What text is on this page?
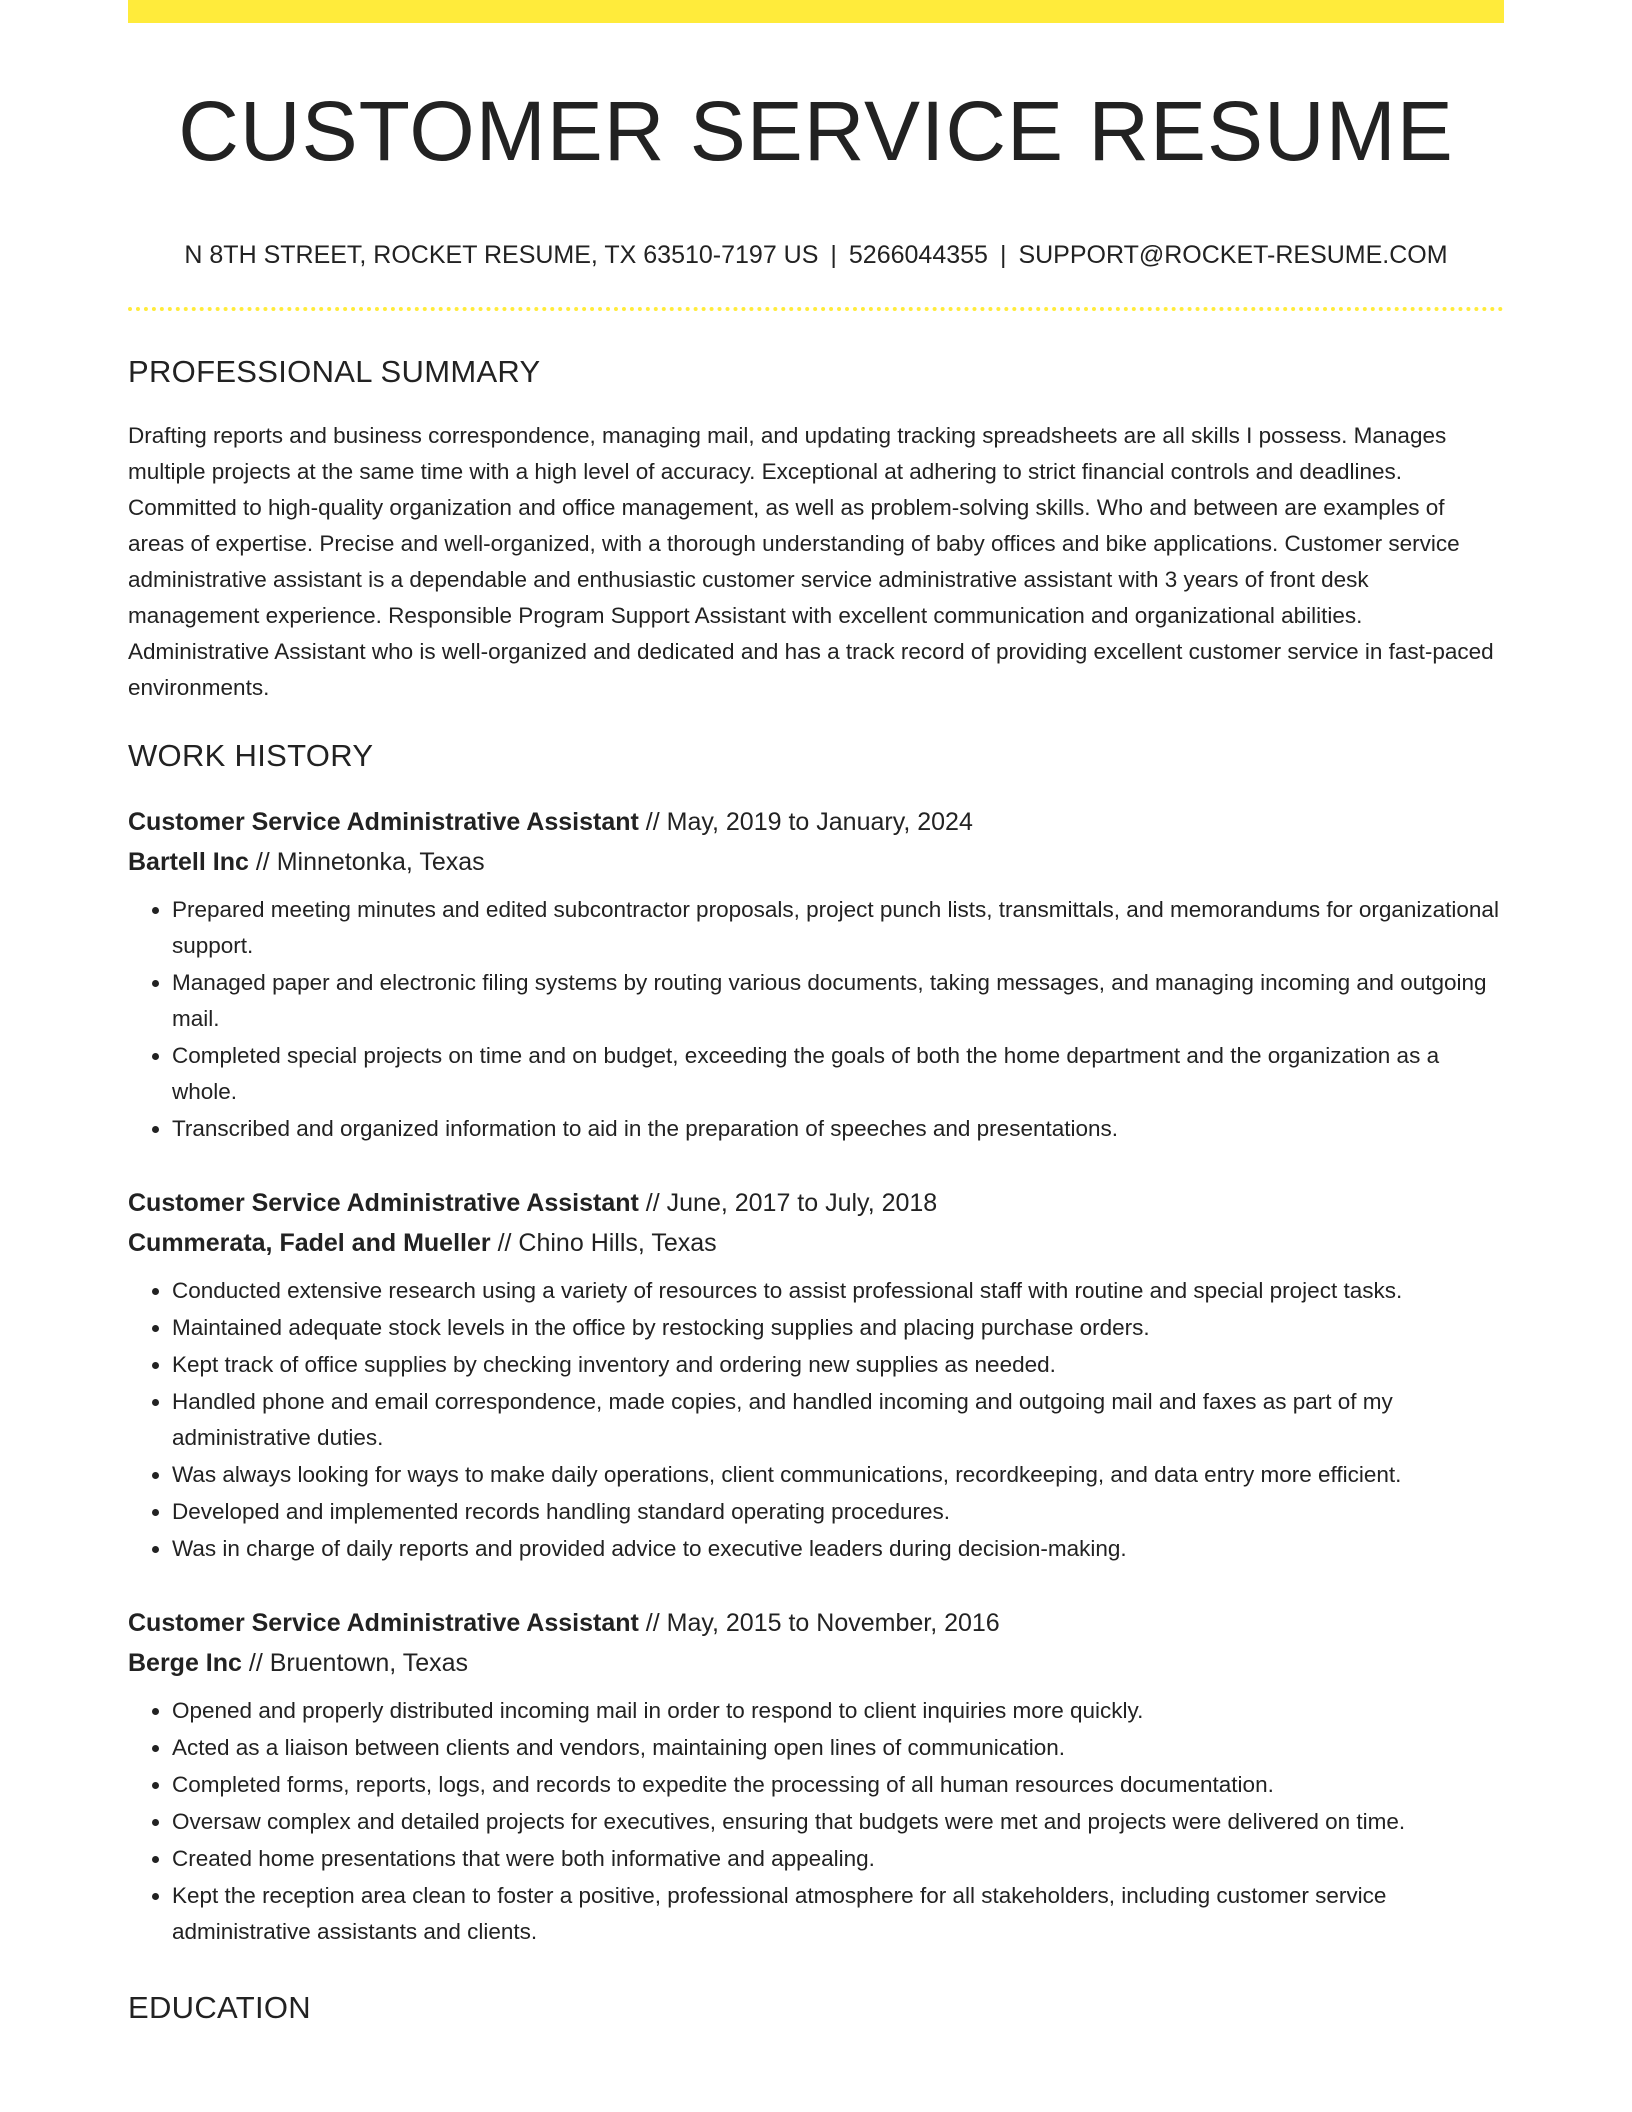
CUSTOMER SERVICE RESUME
N 8TH STREET, ROCKET RESUME, TX 63510-7197 US | 5266044355 | SUPPORT@ROCKET-RESUME.COM
PROFESSIONAL SUMMARY

Drafting reports and business correspondence, managing mail, and updating tracking spreadsheets are all skills I possess. Manages multiple projects at the same time with a high level of accuracy. Exceptional at adhering to strict financial controls and deadlines. Committed to high-quality organization and office management, as well as problem-solving skills. Who and between are examples of areas of expertise. Precise and well-organized, with a thorough understanding of baby offices and bike applications. Customer service administrative assistant is a dependable and enthusiastic customer service administrative assistant with 3 years of front desk management experience. Responsible Program Support Assistant with excellent communication and organizational abilities. Administrative Assistant who is well-organized and dedicated and has a track record of providing excellent customer service in fast-paced environments.

WORK HISTORY
Customer Service Administrative Assistant // May, 2019 to January, 2024
Bartell Inc // Minnetonka, Texas
• Prepared meeting minutes and edited subcontractor proposals, project punch lists, transmittals, and memorandums for organizational support.
• Managed paper and electronic filing systems by routing various documents, taking messages, and managing incoming and outgoing mail.
• Completed special projects on time and on budget, exceeding the goals of both the home department and the organization as a whole.
• Transcribed and organized information to aid in the preparation of speeches and presentations.
Customer Service Administrative Assistant // June, 2017 to July, 2018
Cummerata, Fadel and Mueller // Chino Hills, Texas
• Conducted extensive research using a variety of resources to assist professional staff with routine and special project tasks.
• Maintained adequate stock levels in the office by restocking supplies and placing purchase orders.
• Kept track of office supplies by checking inventory and ordering new supplies as needed.
• Handled phone and email correspondence, made copies, and handled incoming and outgoing mail and faxes as part of my administrative duties.
• Was always looking for ways to make daily operations, client communications, recordkeeping, and data entry more efficient.
• Developed and implemented records handling standard operating procedures.
• Was in charge of daily reports and provided advice to executive leaders during decision-making.
Customer Service Administrative Assistant // May, 2015 to November, 2016
Berge Inc // Bruentown, Texas
• Opened and properly distributed incoming mail in order to respond to client inquiries more quickly.
• Acted as a liaison between clients and vendors, maintaining open lines of communication.
• Completed forms, reports, logs, and records to expedite the processing of all human resources documentation.
• Oversaw complex and detailed projects for executives, ensuring that budgets were met and projects were delivered on time.
• Created home presentations that were both informative and appealing.
• Kept the reception area clean to foster a positive, professional atmosphere for all stakeholders, including customer service administrative assistants and clients.
EDUCATION
